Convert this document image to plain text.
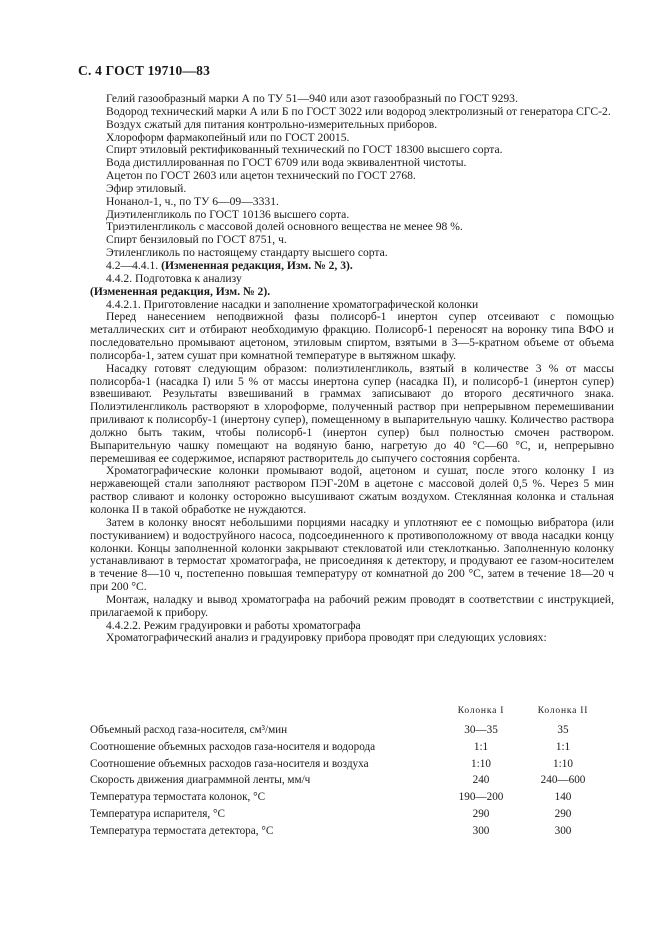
С. 4 ГОСТ 19710—83

Гелий газообразный марки А по ТУ 51—940 или азот газообразный по ГОСТ 9293.

Водород технический марки А или Б по ГОСТ 3022 или водород электролизный от генератора СГС-2.

Воздух сжатый для питания контрольно-измерительных приборов.

Хлороформ фармакопейный или по ГОСТ 20015.

Спирт этиловый ректификованный технический по ГОСТ 18300 высшего сорта.

Вода дистиллированная по ГОСТ 6709 или вода эквивалентной чистоты.

Ацетон по ГОСТ 2603 или ацетон технический по ГОСТ 2768.

Эфир этиловый.

Нонанол-1, ч., по ТУ 6—09—3331.

Диэтиленгликоль по ГОСТ 10136 высшего сорта.

Триэтиленгликоль с массовой долей основного вещества не менее 98 %.

Спирт бензиловый по ГОСТ 8751, ч.

Этиленгликоль по настоящему стандарту высшего сорта.

4.2—4.4.1. (Измененная редакция, Изм. № 2, 3).

4.4.2. Подготовка к анализу

(Измененная редакция, Изм. № 2).

4.4.2.1. Приготовление насадки и заполнение хроматографической колонки

Перед нанесением неподвижной фазы полисорб-1 инертон супер отсеивают с помощью металлических сит и отбирают необходимую фракцию. Полисорб-1 переносят на воронку типа ВФО и последовательно промывают ацетоном, этиловым спиртом, взятыми в 3—5-кратном объеме от объема полисорба-1, затем сушат при комнатной температуре в вытяжном шкафу.

Насадку готовят следующим образом: полиэтиленгликоль, взятый в количестве 3 % от массы полисорба-1 (насадка I) или 5 % от массы инертона супер (насадка II), и полисорб-1 (инертон супер) взвешивают. Результаты взвешиваний в граммах записывают до второго десятичного знака. Полиэтиленгликоль растворяют в хлороформе, полученный раствор при непрерывном перемешивании приливают к полисорбу-1 (инертону супер), помещенному в выпарительную чашку. Количество раствора должно быть таким, чтобы полисорб-1 (инертон супер) был полностью смочен раствором. Выпарительную чашку помещают на водяную баню, нагретую до 40 °С—60 °С, и, непрерывно перемешивая ее содержимое, испаряют растворитель до сыпучего состояния сорбента.

Хроматографические колонки промывают водой, ацетоном и сушат, после этого колонку I из нержавеющей стали заполняют раствором ПЭГ-20М в ацетоне с массовой долей 0,5 %. Через 5 мин раствор сливают и колонку осторожно высушивают сжатым воздухом. Стеклянная колонка и стальная колонка II в такой обработке не нуждаются.

Затем в колонку вносят небольшими порциями насадку и уплотняют ее с помощью вибратора (или постукиванием) и водоструйного насоса, подсоединенного к противоположному от ввода насадки концу колонки. Концы заполненной колонки закрывают стекловатой или стеклотканью. Заполненную колонку устанавливают в термостат хроматографа, не присоединяя к детектору, и продувают ее газом-носителем в течение 8—10 ч, постепенно повышая температуру от комнатной до 200 °С, затем в течение 18—20 ч при 200 °С.

Монтаж, наладку и вывод хроматографа на рабочий режим проводят в соответствии с инструкцией, прилагаемой к прибору.

4.4.2.2. Режим градуировки и работы хроматографа

Хроматографический анализ и градуировку прибора проводят при следующих условиях:

	Колонка I	Колонка II
Объемный расход газа-носителя, см³/мин	30—35	35
Соотношение объемных расходов газа-носителя и водорода	1:1	1:1
Соотношение объемных расходов газа-носителя и воздуха	1:10	1:10
Скорость движения диаграммной ленты, мм/ч	240	240—600
Температура термостата колонок, °С	190—200	140
Температура испарителя, °С	290	290
Температура термостата детектора, °С	300	300
